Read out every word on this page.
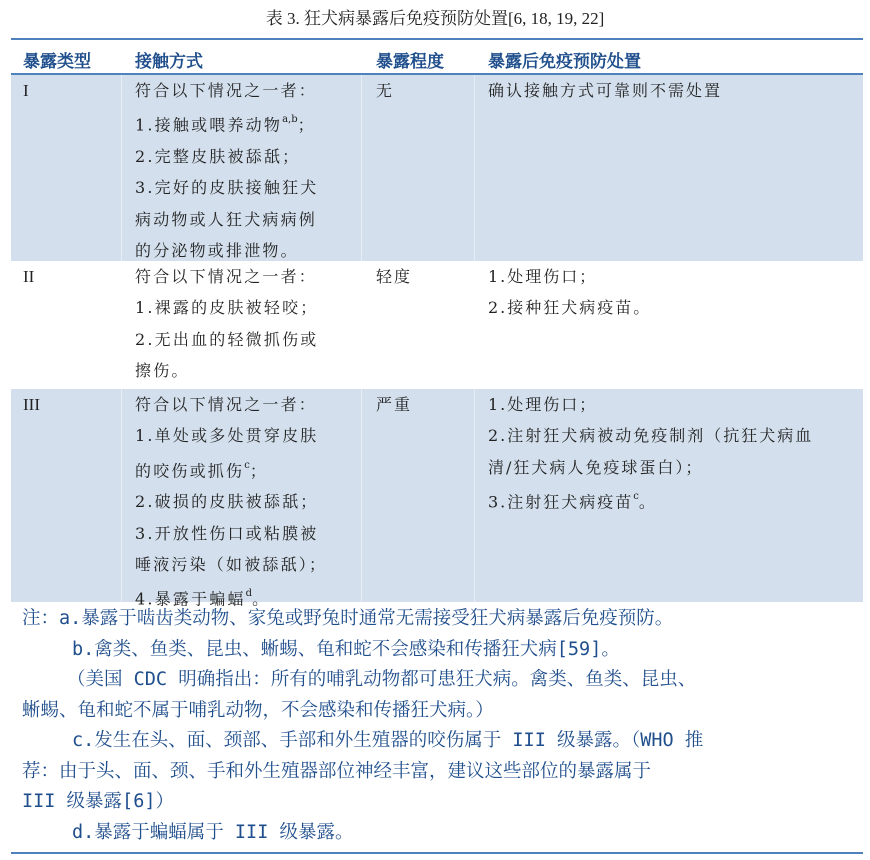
表 3. 狂犬病暴露后免疫预防处置[6, 18, 19, 22]
暴露类型	接触方式	暴露程度	暴露后免疫预防处置
I	符合以下情况之一者：
1.接触或喂养动物$^{a,b}$；
2.完整皮肤被舔舐；
3.完好的皮肤接触狂犬
病动物或人狂犬病病例
的分泌物或排泄物。
无	确认接触方式可靠则不需处置
II	符合以下情况之一者：
1.裸露的皮肤被轻咬；
2.无出血的轻微抓伤或
擦伤。
轻度	1.处理伤口；
2.接种狂犬病疫苗。
III	符合以下情况之一者：
1.单处或多处贯穿皮肤
的咬伤或抓伤$^c$；
2.破损的皮肤被舔舐；
3.开放性伤口或粘膜被
唾液污染（如被舔舐）；
4.暴露于蝙蝠$^d$。
严重	1.处理伤口；
2.注射狂犬病被动免疫制剂（抗狂犬病血
清/狂犬病人免疫球蛋白）；
3.注射狂犬病疫苗$^c$。
注：a.暴露于啮齿类动物、家兔或野兔时通常无需接受狂犬病暴露后免疫预防。
b.禽类、鱼类、昆虫、蜥蜴、龟和蛇不会感染和传播狂犬病[59]。
（美国 CDC 明确指出：所有的哺乳动物都可患狂犬病。禽类、鱼类、昆虫、
蜥蜴、龟和蛇不属于哺乳动物，不会感染和传播狂犬病。）
c.发生在头、面、颈部、手部和外生殖器的咬伤属于 III 级暴露。（WHO 推
荐：由于头、面、颈、手和外生殖器部位神经丰富，建议这些部位的暴露属于
III 级暴露[6]）
d.暴露于蝙蝠属于 III 级暴露。
